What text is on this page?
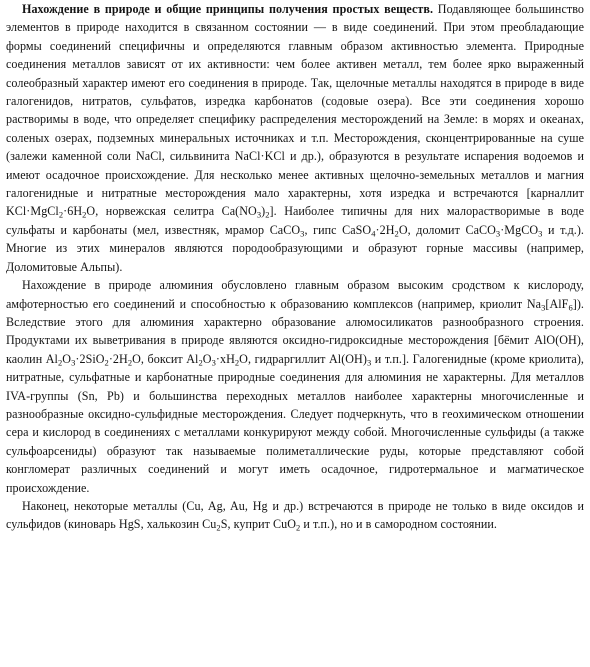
Нахождение в природе и общие принципы получения простых веществ. Подавляющее большинство элементов в природе находится в связанном состоянии — в виде соединений. При этом преобладающие формы соединений специфичны и определяются главным образом активностью элемента. Природные соединения металлов зависят от их активности: чем более активен металл, тем более ярко выраженный солеобразный характер имеют его соединения в природе. Так, щелочные металлы находятся в природе в виде галогенидов, нитратов, сульфатов, изредка карбонатов (содовые озера). Все эти соединения хорошо растворимы в воде, что определяет специфику распределения месторождений на Земле: в морях и океанах, соленых озерах, подземных минеральных источниках и т.п. Месторождения, сконцентрированные на суше (залежи каменной соли NaCl, сильвинита NaCl·KCl и др.), образуются в результате испарения водоемов и имеют осадочное происхождение. Для несколько менее активных щелочно-земельных металлов и магния галогенидные и нитратные месторождения мало характерны, хотя изредка и встречаются [карналлит $KCl\cdot MgCl_2\cdot 6H_2O$, норвежская селитра $Ca(NO_3)_2$]. Наиболее типичны для них малорастворимые в воде сульфаты и карбонаты (мел, известняк, мрамор CaCO$_3$, гипс $CaSO_4\cdot 2H_2O$, доломит CaCO$_3$·MgCO$_3$ и т.д.). Многие из этих минералов являются породообразующими и образуют горные массивы (например, Доломитовые Альпы).

Нахождение в природе алюминия обусловлено главным образом высоким сродством к кислороду, амфотерностью его соединений и способностью к образованию комплексов (например, криолит $Na_3[AlF_6]$). Вследствие этого для алюминия характерно образование алюмосиликатов разнообразного строения. Продуктами их выветривания в природе являются оксидно-гидроксидные месторождения [бёмит AlO(OH), каолин $Al_2O_3\cdot 2SiO_2\cdot 2H_2O$, боксит $Al_2O_3\cdot xH_2O$, гидраргиллит $Al(OH)_3$ и т.п.]. Галогенидные (кроме криолита), нитратные, сульфатные и карбонатные природные соединения для алюминия не характерны. Для металлов IVA-группы (Sn, Pb) и большинства переходных металлов наиболее характерны многочисленные и разнообразные оксидно-сульфидные месторождения. Следует подчеркнуть, что в геохимическом отношении сера и кислород в соединениях с металлами конкурируют между собой. Многочисленные сульфиды (а также сульфоарсениды) образуют так называемые полиметаллические руды, которые представляют собой конгломерат различных соединений и могут иметь осадочное, гидротермальное и магматическое происхождение.

Наконец, некоторые металлы (Cu, Ag, Au, Hg и др.) встречаются в природе не только в виде оксидов и сульфидов (киноварь HgS, халькозин $Cu_2S$, куприт CuO$_2$ и т.п.), но и в самородном состоянии.
